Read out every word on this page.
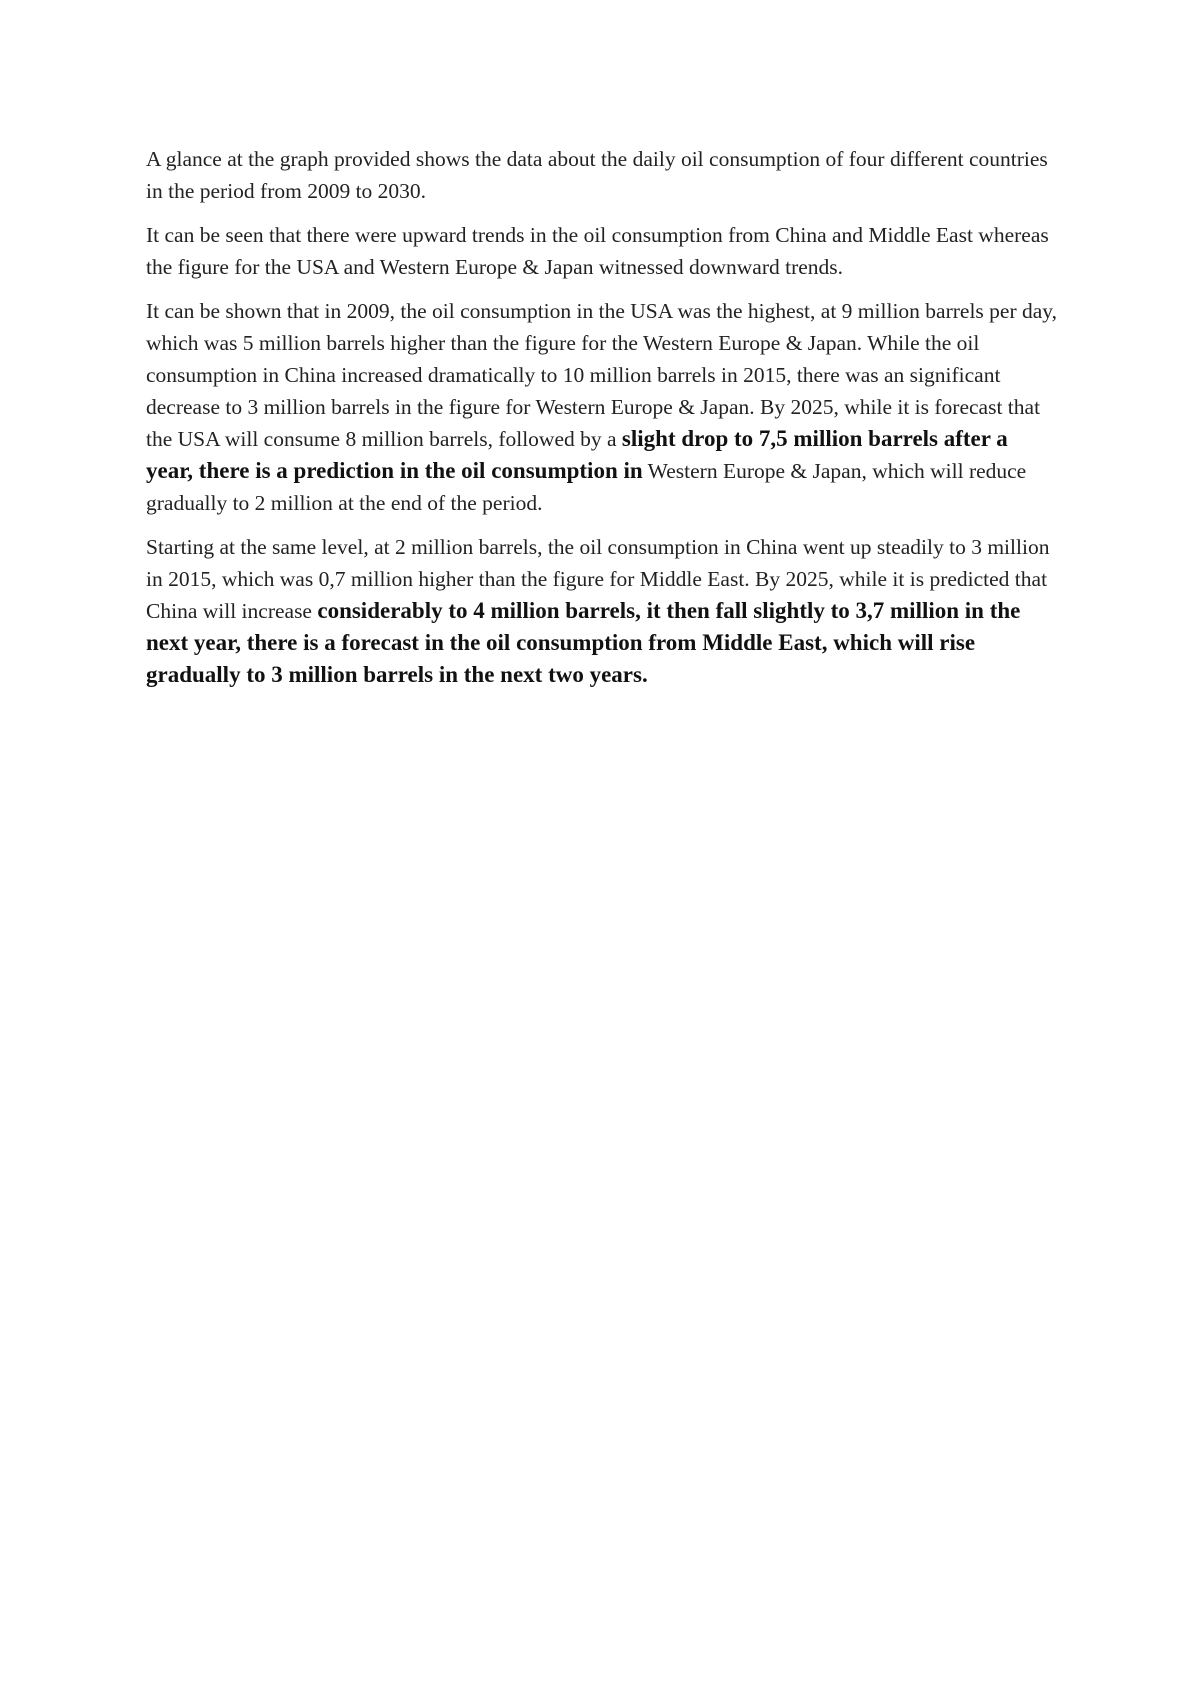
A glance at the graph provided shows the data about the daily oil consumption of four different countries in the period from 2009 to 2030.

It can be seen that there were upward trends in the oil consumption from China and Middle East whereas the figure for the USA and Western Europe & Japan witnessed downward trends.

It can be shown that in 2009, the oil consumption in the USA was the highest, at 9 million barrels per day, which was 5 million barrels higher than the figure for the Western Europe & Japan. While the oil consumption in China increased dramatically to 10 million barrels in 2015, there was an significant decrease to 3 million barrels in the figure for Western Europe & Japan. By 2025, while it is forecast that the USA will consume 8 million barrels, followed by a slight drop to 7,5 million barrels after a year, there is a prediction in the oil consumption in Western Europe & Japan, which will reduce gradually to 2 million at the end of the period.

Starting at the same level, at 2 million barrels, the oil consumption in China went up steadily to 3 million in 2015, which was 0,7 million higher than the figure for Middle East. By 2025, while it is predicted that China will increase considerably to 4 million barrels, it then fall slightly to 3,7 million in the next year, there is a forecast in the oil consumption from Middle East, which will rise gradually to 3 million barrels in the next two years.
